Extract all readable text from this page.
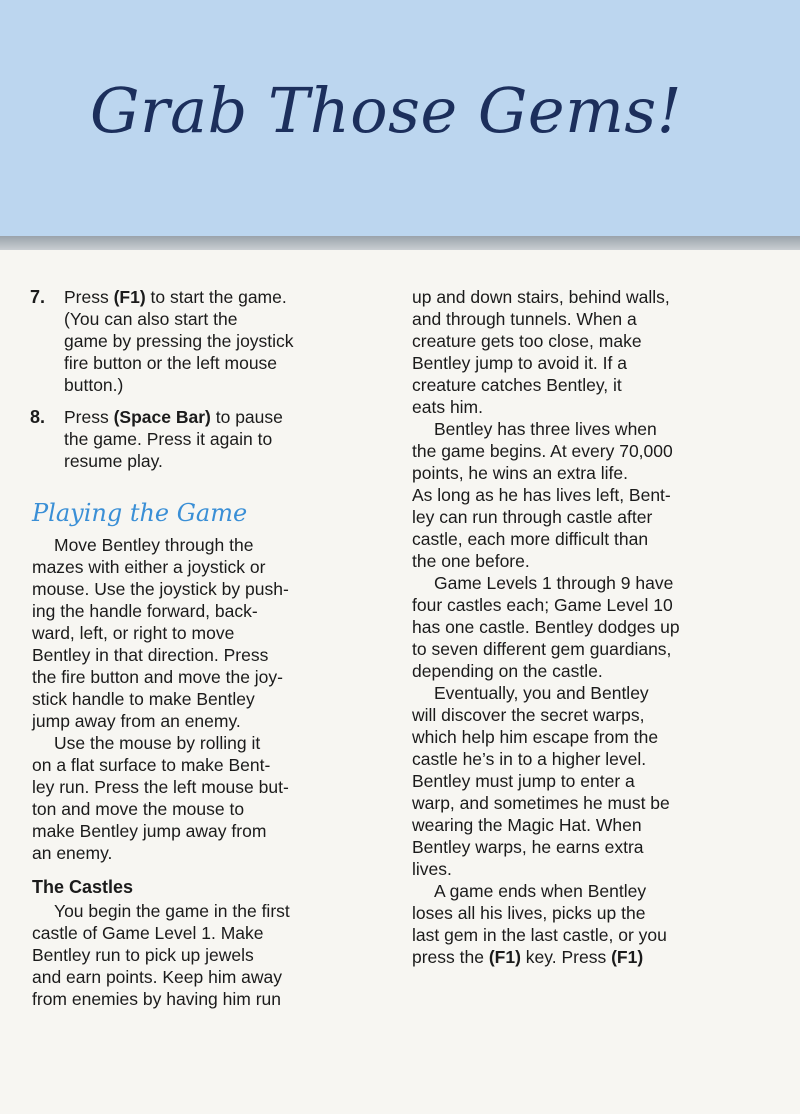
Grab Those Gems!
7. Press (F1) to start the game.
(You can also start the
game by pressing the joystick
fire button or the left mouse
button.)
8. Press (Space Bar) to pause
the game. Press it again to
resume play.
Playing the Game
Move Bentley through the
mazes with either a joystick or
mouse. Use the joystick by push-
ing the handle forward, back-
ward, left, or right to move
Bentley in that direction. Press
the fire button and move the joy-
stick handle to make Bentley
jump away from an enemy.
Use the mouse by rolling it
on a flat surface to make Bent-
ley run. Press the left mouse but-
ton and move the mouse to
make Bentley jump away from
an enemy.
The Castles
You begin the game in the first
castle of Game Level 1. Make
Bentley run to pick up jewels
and earn points. Keep him away
from enemies by having him run
up and down stairs, behind walls,
and through tunnels. When a
creature gets too close, make
Bentley jump to avoid it. If a
creature catches Bentley, it
eats him.
Bentley has three lives when
the game begins. At every 70,000
points, he wins an extra life.
As long as he has lives left, Bent-
ley can run through castle after
castle, each more difficult than
the one before.
Game Levels 1 through 9 have
four castles each; Game Level 10
has one castle. Bentley dodges up
to seven different gem guardians,
depending on the castle.
Eventually, you and Bentley
will discover the secret warps,
which help him escape from the
castle he’s in to a higher level.
Bentley must jump to enter a
warp, and sometimes he must be
wearing the Magic Hat. When
Bentley warps, he earns extra
lives.
A game ends when Bentley
loses all his lives, picks up the
last gem in the last castle, or you
press the (F1) key. Press (F1)
